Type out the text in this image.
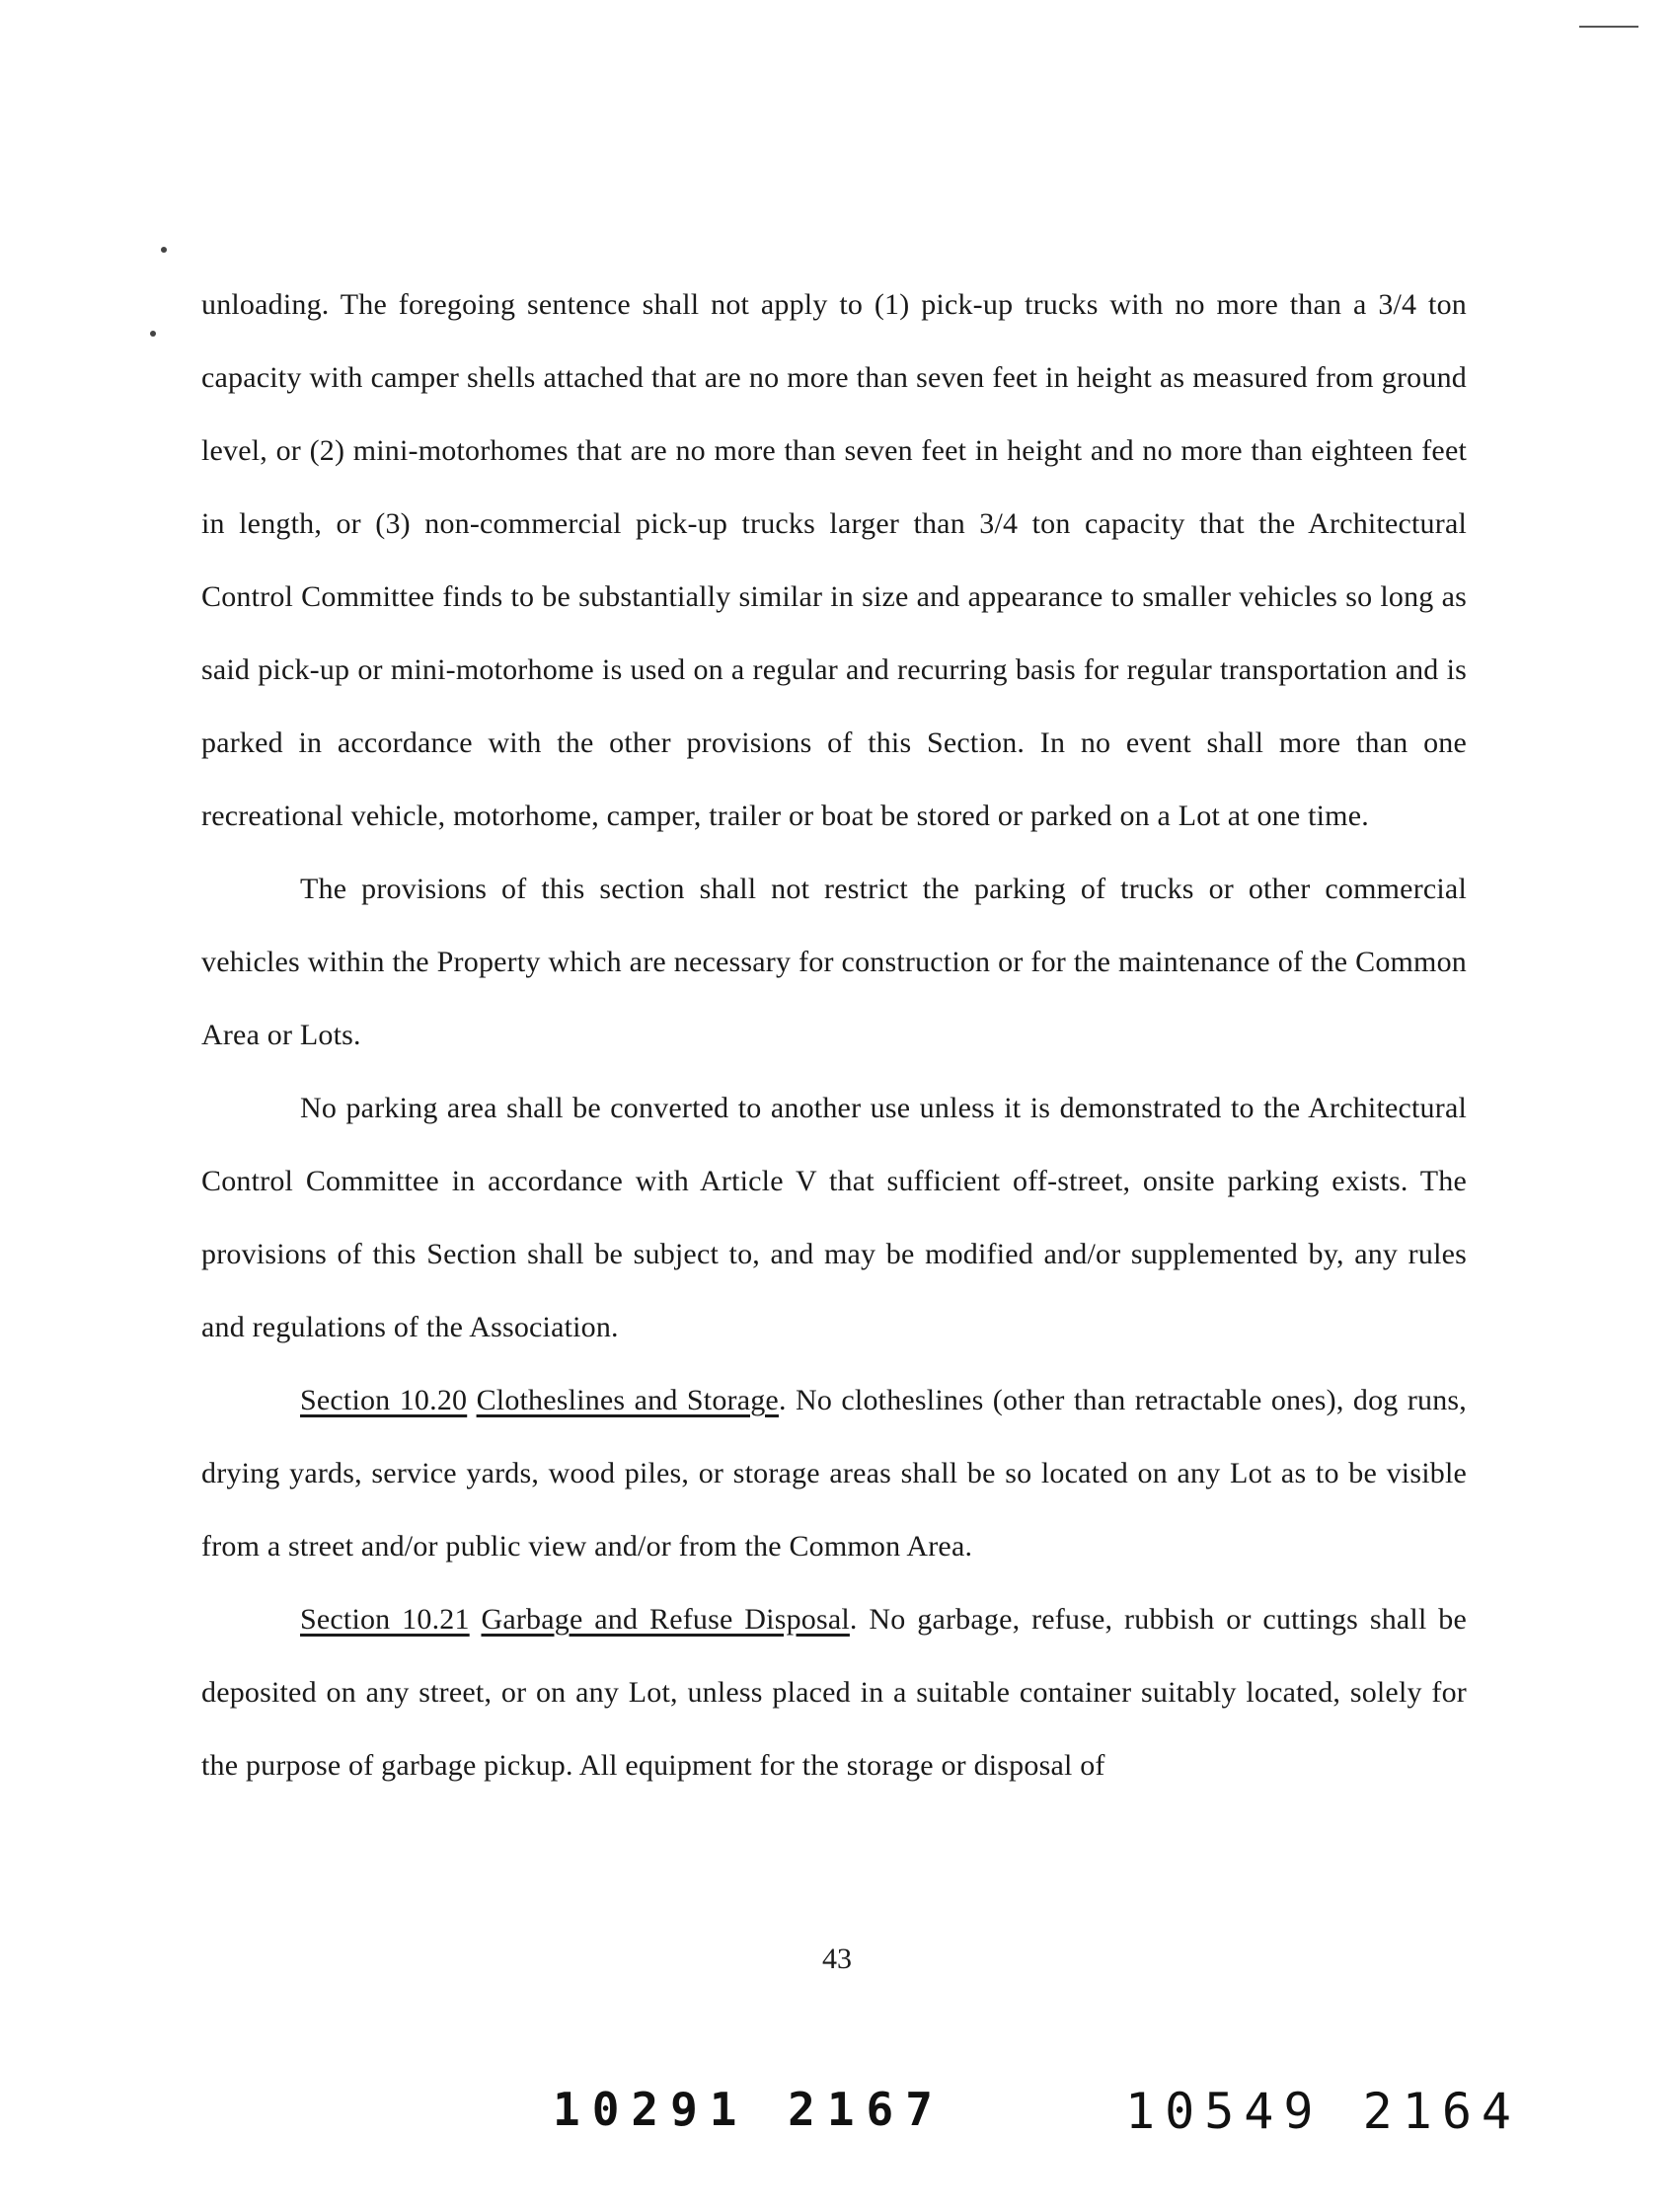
unloading. The foregoing sentence shall not apply to (1) pick-up trucks with no more than a 3/4 ton capacity with camper shells attached that are no more than seven feet in height as measured from ground level, or (2) mini-motorhomes that are no more than seven feet in height and no more than eighteen feet in length, or (3) non-commercial pick-up trucks larger than 3/4 ton capacity that the Architectural Control Committee finds to be substantially similar in size and appearance to smaller vehicles so long as said pick-up or mini-motorhome is used on a regular and recurring basis for regular transportation and is parked in accordance with the other provisions of this Section. In no event shall more than one recreational vehicle, motorhome, camper, trailer or boat be stored or parked on a Lot at one time.

The provisions of this section shall not restrict the parking of trucks or other commercial vehicles within the Property which are necessary for construction or for the maintenance of the Common Area or Lots.

No parking area shall be converted to another use unless it is demonstrated to the Architectural Control Committee in accordance with Article V that sufficient off-street, onsite parking exists. The provisions of this Section shall be subject to, and may be modified and/or supplemented by, any rules and regulations of the Association.

Section 10.20 Clotheslines and Storage. No clotheslines (other than retractable ones), dog runs, drying yards, service yards, wood piles, or storage areas shall be so located on any Lot as to be visible from a street and/or public view and/or from the Common Area.

Section 10.21 Garbage and Refuse Disposal. No garbage, refuse, rubbish or cuttings shall be deposited on any street, or on any Lot, unless placed in a suitable container suitably located, solely for the purpose of garbage pickup. All equipment for the storage or disposal of

43
10291 2167	10549 2164
